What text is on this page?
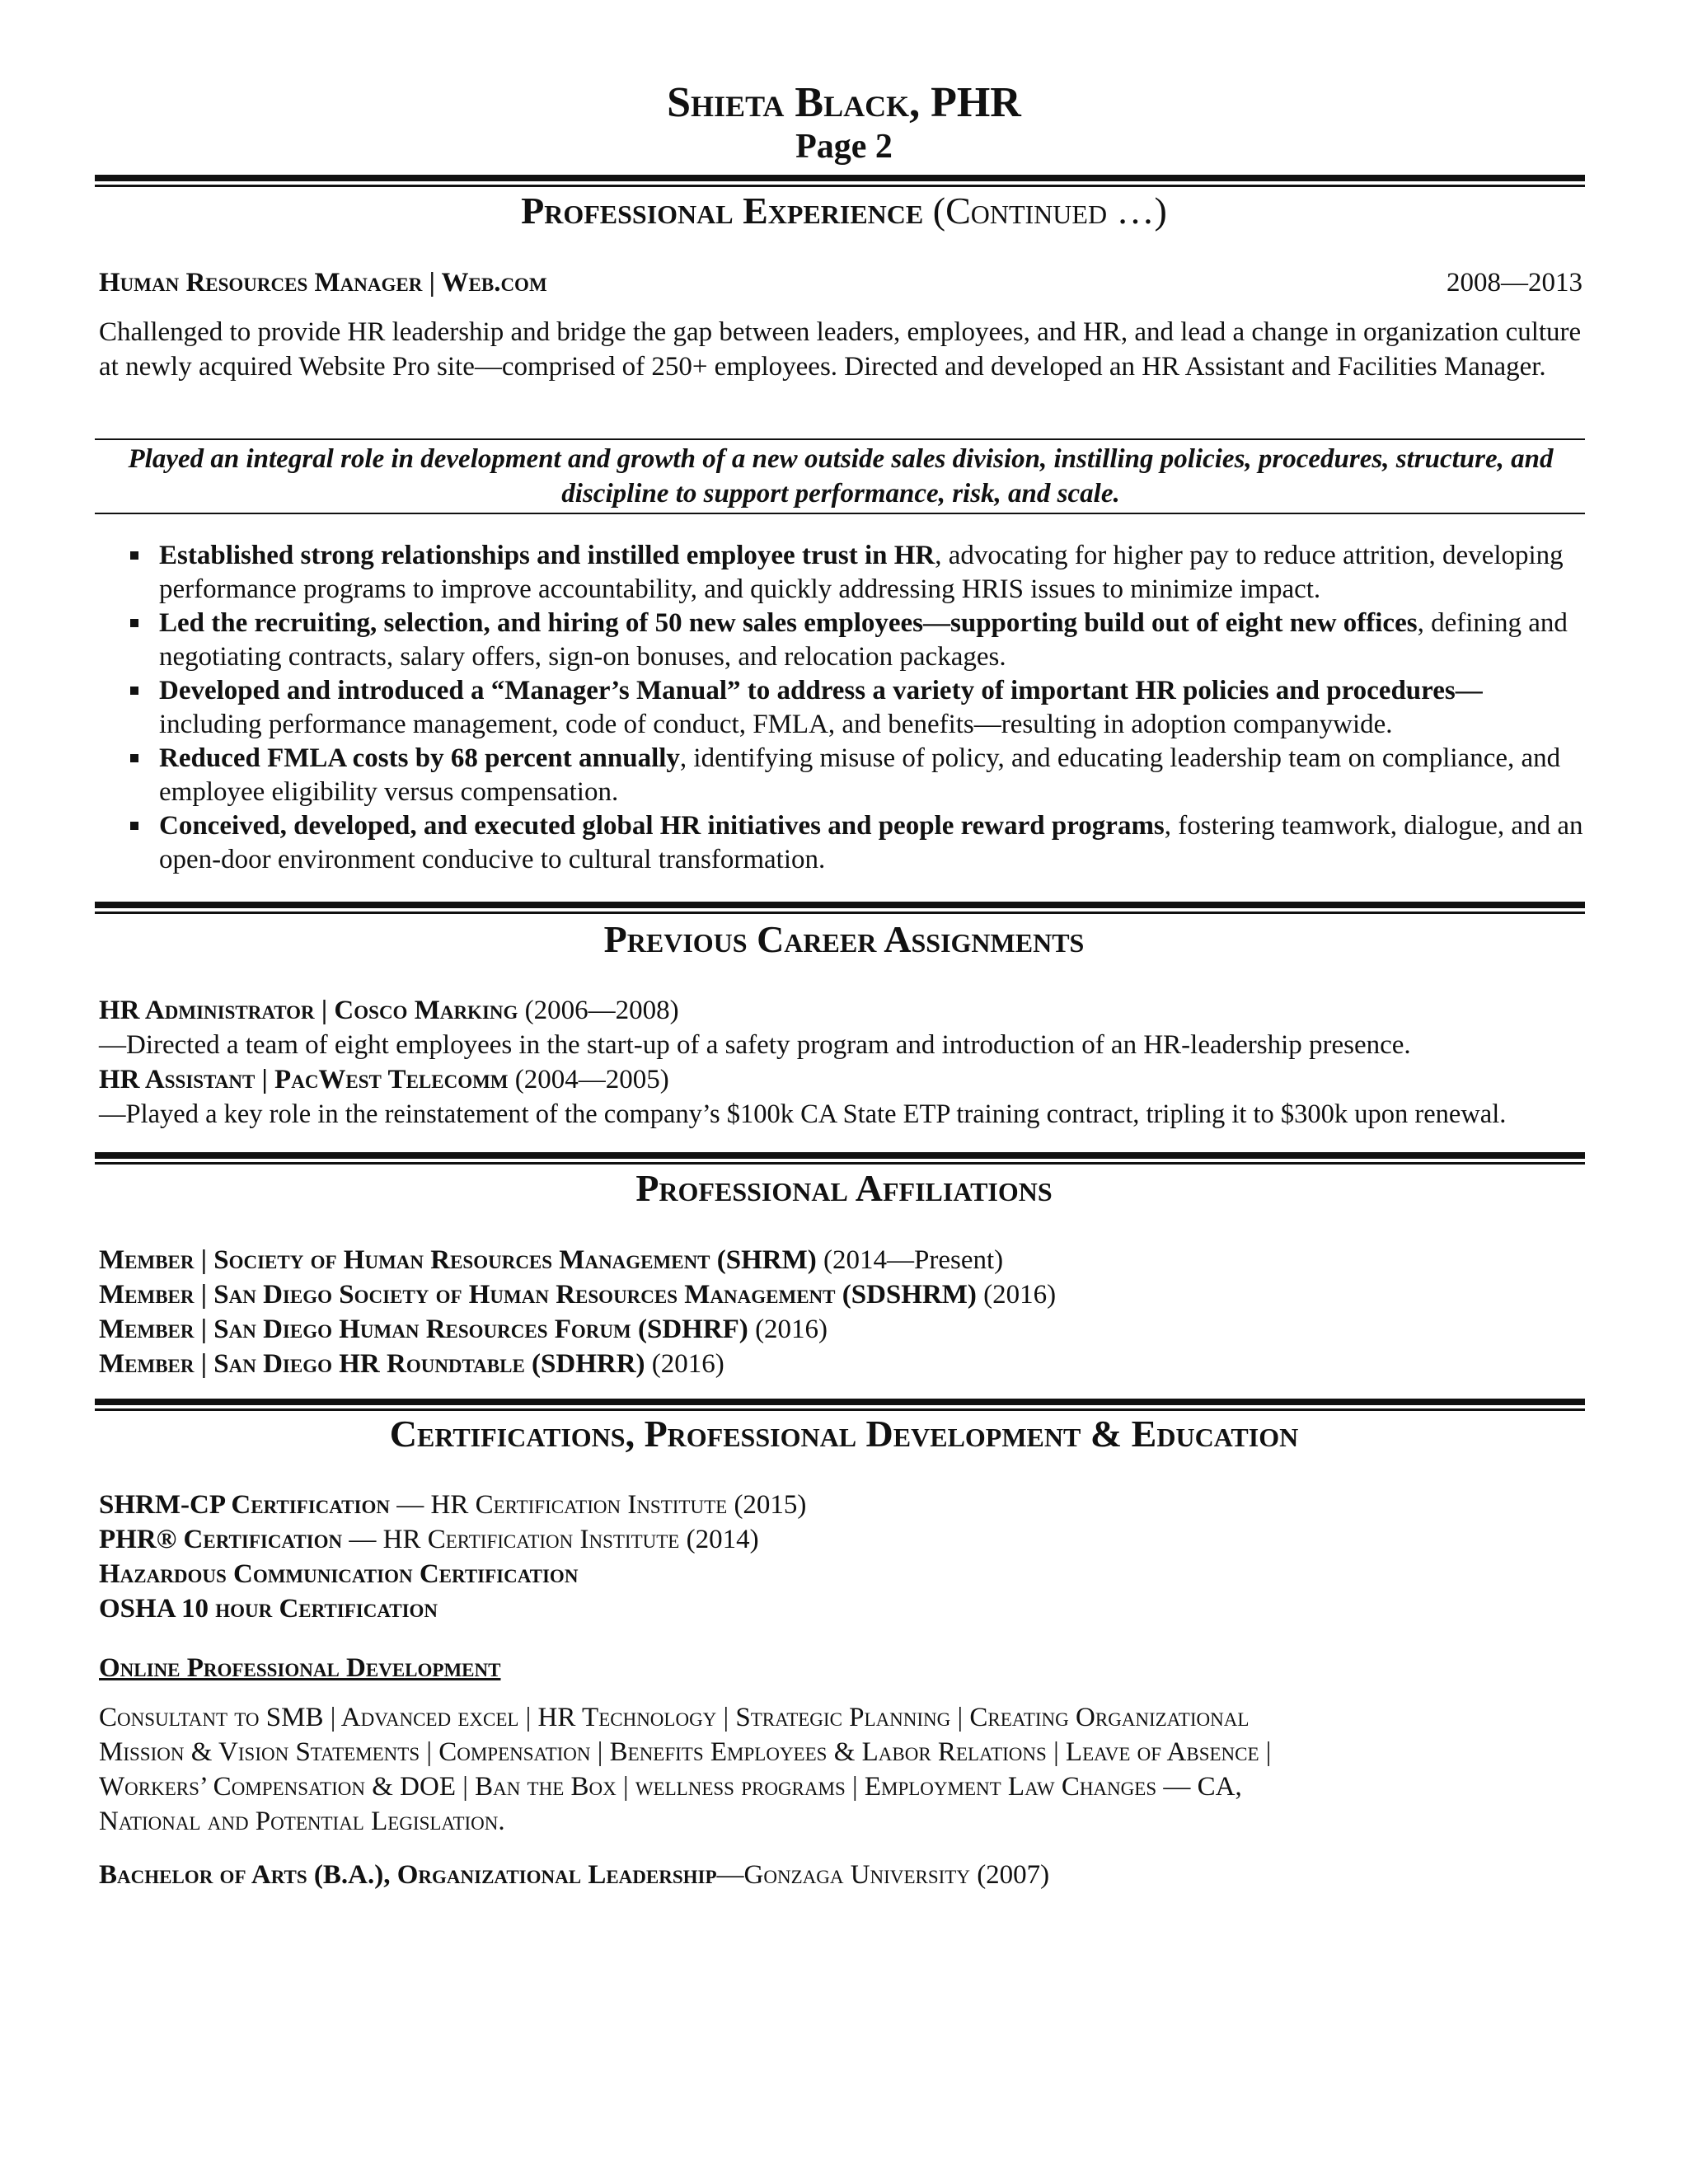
Shieta Black, PHR
Page 2
Professional Experience (Continued …)
Human Resources Manager | Web.com	2008—2013
Challenged to provide HR leadership and bridge the gap between leaders, employees, and HR, and lead a change in organization culture at newly acquired Website Pro site—comprised of 250+ employees. Directed and developed an HR Assistant and Facilities Manager.
Played an integral role in development and growth of a new outside sales division, instilling policies, procedures, structure, and discipline to support performance, risk, and scale.
Established strong relationships and instilled employee trust in HR, advocating for higher pay to reduce attrition, developing performance programs to improve accountability, and quickly addressing HRIS issues to minimize impact.
Led the recruiting, selection, and hiring of 50 new sales employees—supporting build out of eight new offices, defining and negotiating contracts, salary offers, sign-on bonuses, and relocation packages.
Developed and introduced a “Manager’s Manual” to address a variety of important HR policies and procedures— including performance management, code of conduct, FMLA, and benefits—resulting in adoption companywide.
Reduced FMLA costs by 68 percent annually, identifying misuse of policy, and educating leadership team on compliance, and employee eligibility versus compensation.
Conceived, developed, and executed global HR initiatives and people reward programs, fostering teamwork, dialogue, and an open-door environment conducive to cultural transformation.
Previous Career Assignments
HR Administrator | Cosco Marking (2006—2008)
—Directed a team of eight employees in the start-up of a safety program and introduction of an HR-leadership presence.
HR Assistant | PacWest Telecomm (2004—2005)
—Played a key role in the reinstatement of the company’s $100k CA State ETP training contract, tripling it to $300k upon renewal.
Professional Affiliations
Member | Society of Human Resources Management (SHRM) (2014—Present)
Member | San Diego Society of Human Resources Management (SDSHRM) (2016)
Member | San Diego Human Resources Forum (SDHRF) (2016)
Member | San Diego HR Roundtable (SDHRR) (2016)
Certifications, Professional Development & Education
SHRM-CP Certification — HR Certification Institute (2015)
PHR® Certification — HR Certification Institute (2014)
Hazardous Communication Certification
OSHA 10 hour Certification
Online Professional Development
Consultant to SMB | Advanced excel | HR Technology | Strategic Planning | Creating Organizational
Mission & Vision Statements | Compensation | Benefits Employees & Labor Relations | Leave of Absence |
Workers’ Compensation & DOE | Ban the Box | wellness programs | Employment Law Changes — CA,
National and Potential Legislation.
Bachelor of Arts (B.A.), Organizational Leadership—Gonzaga University (2007)
